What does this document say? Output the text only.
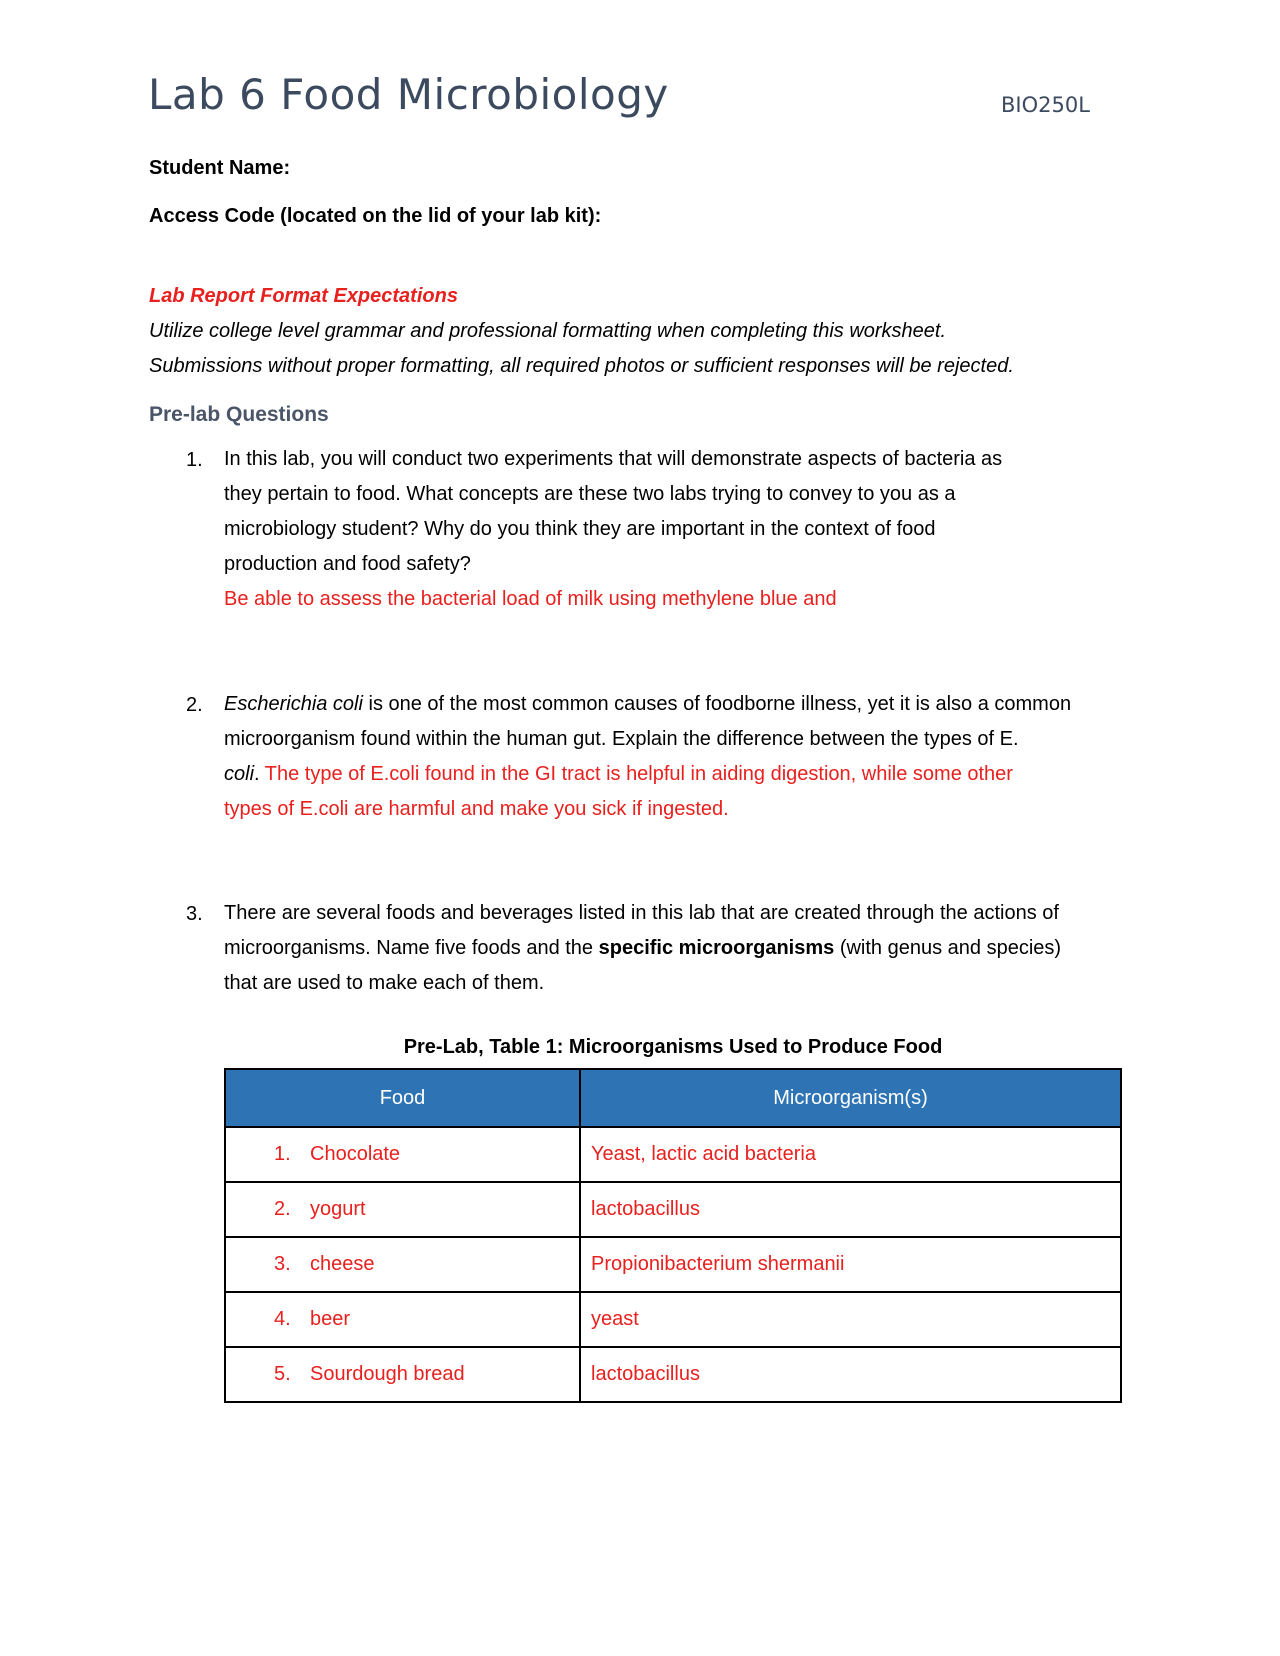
Lab 6 Food Microbiology	BIO250L
Student Name:
Access Code (located on the lid of your lab kit):
Lab Report Format Expectations
Utilize college level grammar and professional formatting when completing this worksheet.
Submissions without proper formatting, all required photos or sufficient responses will be rejected.
Pre-lab Questions
1. In this lab, you will conduct two experiments that will demonstrate aspects of bacteria as
they pertain to food. What concepts are these two labs trying to convey to you as a
microbiology student? Why do you think they are important in the context of food
production and food safety?
Be able to assess the bacterial load of milk using methylene blue and
2. Escherichia coli is one of the most common causes of foodborne illness, yet it is also a common
microorganism found within the human gut. Explain the difference between the types of E.
coli. The type of E.coli found in the GI tract is helpful in aiding digestion, while some other
types of E.coli are harmful and make you sick if ingested.
3. There are several foods and beverages listed in this lab that are created through the actions of
microorganisms. Name five foods and the specific microorganisms (with genus and species)
that are used to make each of them.
Pre-Lab, Table 1: Microorganisms Used to Produce Food
Food	Microorganism(s)
1. Chocolate	Yeast, lactic acid bacteria
2. yogurt	lactobacillus
3. cheese	Propionibacterium shermanii
4. beer	yeast
5. Sourdough bread	lactobacillus
